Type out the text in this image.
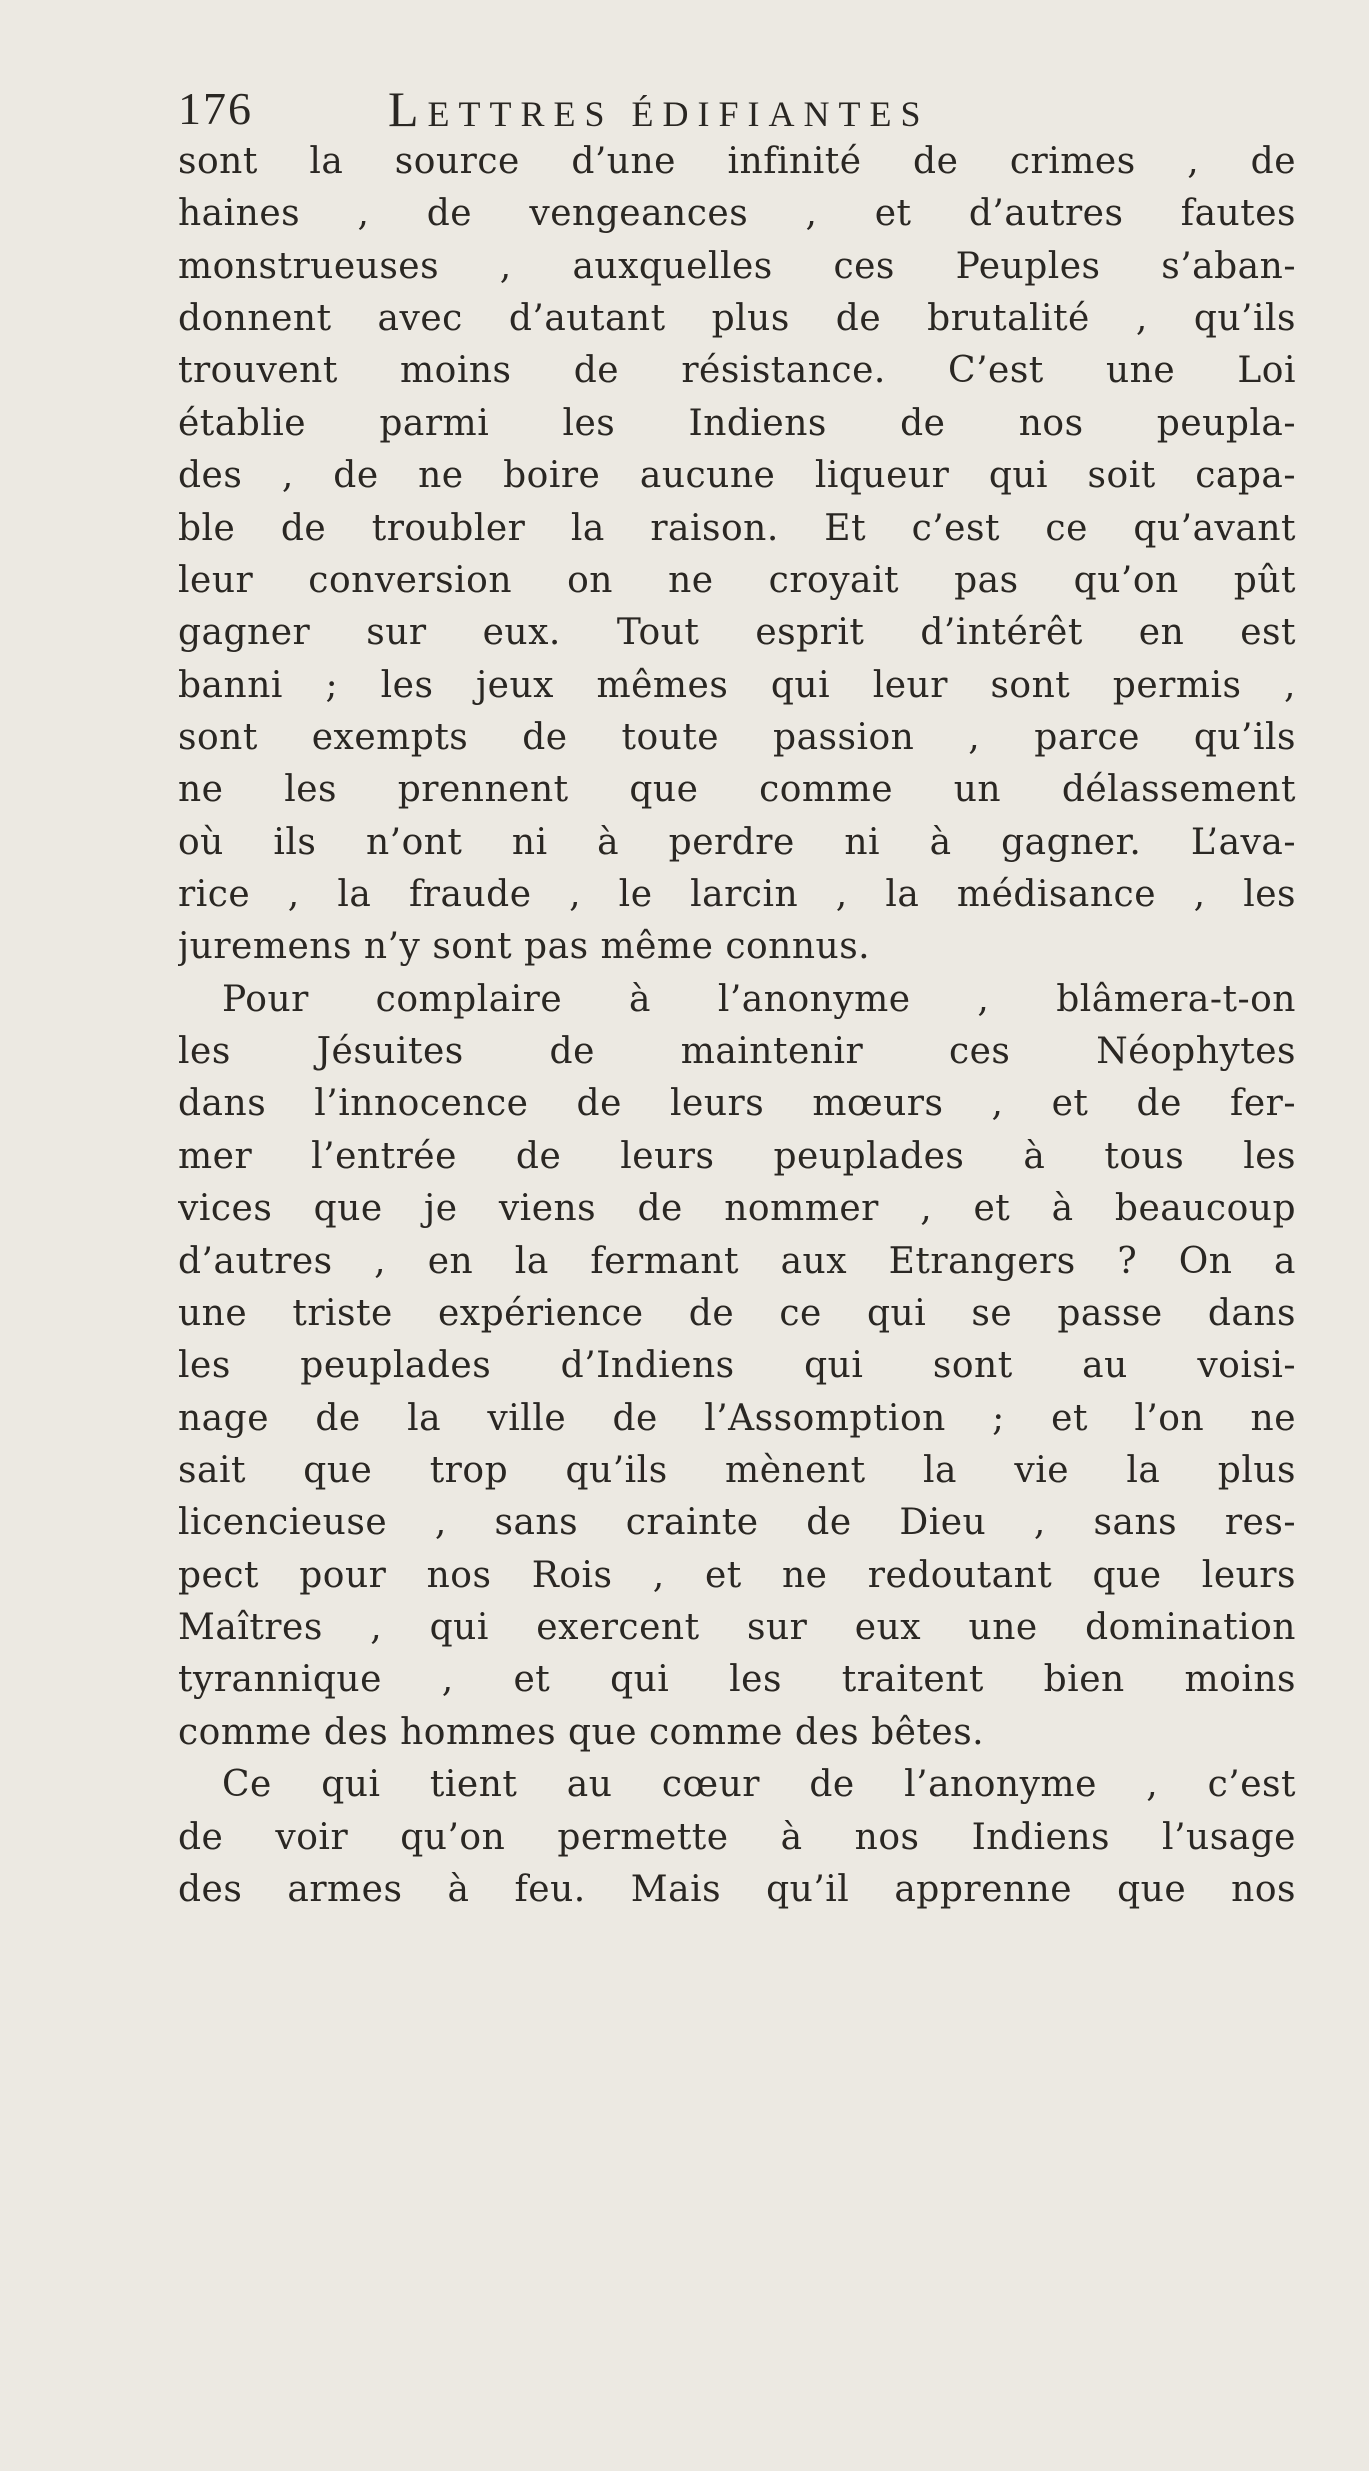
176	LETTRES ÉDIFIANTES
sont la source d’une infinité de crimes , de
haines , de vengeances , et d’autres fautes
monstrueuses , auxquelles ces Peuples s’aban-
donnent avec d’autant plus de brutalité , qu’ils
trouvent moins de résistance. C’est une Loi
établie parmi les Indiens de nos peupla-
des , de ne boire aucune liqueur qui soit capa-
ble de troubler la raison. Et c’est ce qu’avant
leur conversion on ne croyait pas qu’on pût
gagner sur eux. Tout esprit d’intérêt en est
banni ; les jeux mêmes qui leur sont permis ,
sont exempts de toute passion , parce qu’ils
ne les prennent que comme un délassement
où ils n’ont ni à perdre ni à gagner. L’ava-
rice , la fraude , le larcin , la médisance , les
juremens n’y sont pas même connus.
Pour complaire à l’anonyme , blâmera-t-on
les Jésuites de maintenir ces Néophytes
dans l’innocence de leurs mœurs , et de fer-
mer l’entrée de leurs peuplades à tous les
vices que je viens de nommer , et à beaucoup
d’autres , en la fermant aux Etrangers ? On a
une triste expérience de ce qui se passe dans
les peuplades d’Indiens qui sont au voisi-
nage de la ville de l’Assomption ; et l’on ne
sait que trop qu’ils mènent la vie la plus
licencieuse , sans crainte de Dieu , sans res-
pect pour nos Rois , et ne redoutant que leurs
Maîtres , qui exercent sur eux une domination
tyrannique , et qui les traitent bien moins
comme des hommes que comme des bêtes.
Ce qui tient au cœur de l’anonyme , c’est
de voir qu’on permette à nos Indiens l’usage
des armes à feu. Mais qu’il apprenne que nos
